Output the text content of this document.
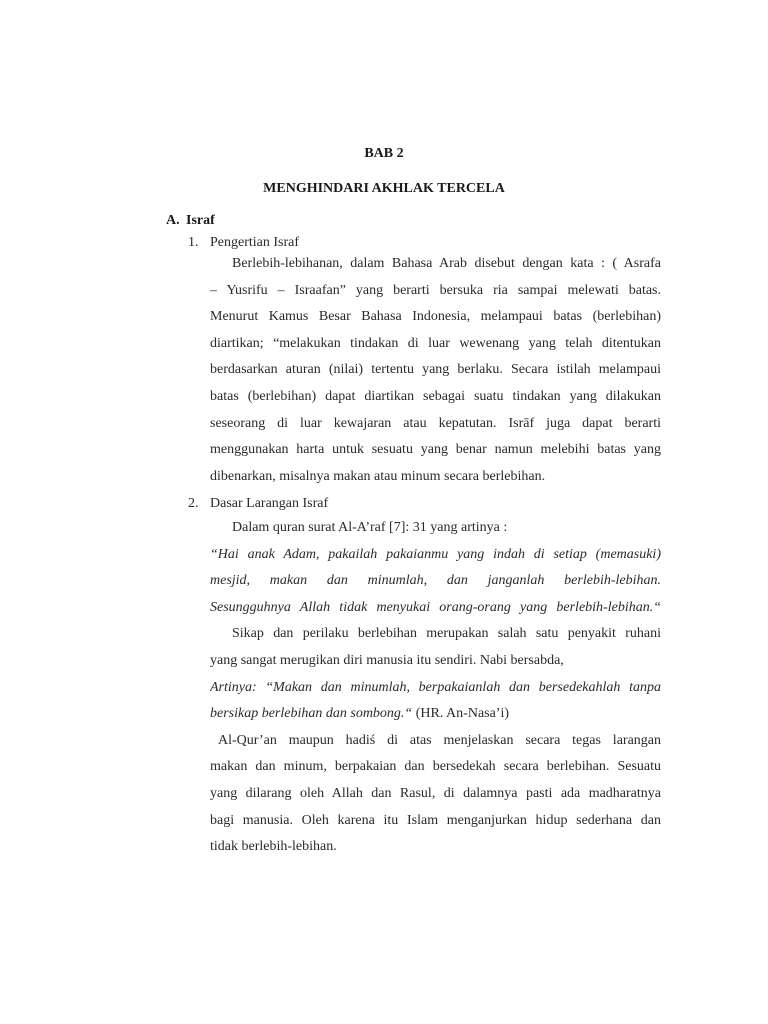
BAB 2
MENGHINDARI AKHLAK TERCELA
A. Israf
1. Pengertian Israf
Berlebih-lebihanan, dalam Bahasa Arab disebut dengan kata : ( Asrafa
– Yusrifu – Israafan” yang berarti bersuka ria sampai melewati batas.
Menurut Kamus Besar Bahasa Indonesia, melampaui batas (berlebihan)
diartikan; “melakukan tindakan di luar wewenang yang telah ditentukan
berdasarkan aturan (nilai) tertentu yang berlaku. Secara istilah melampaui
batas (berlebihan) dapat diartikan sebagai suatu tindakan yang dilakukan
seseorang di luar kewajaran atau kepatutan. Isrāf juga dapat berarti
menggunakan harta untuk sesuatu yang benar namun melebihi batas yang
dibenarkan, misalnya makan atau minum secara berlebihan.
2. Dasar Larangan Israf
Dalam quran surat Al-A’raf [7]: 31 yang artinya :
“Hai anak Adam, pakailah pakaianmu yang indah di setiap (memasuki)
mesjid, makan dan minumlah, dan janganlah berlebih-lebihan.
Sesungguhnya Allah tidak menyukai orang-orang yang berlebih-lebihan.“
Sikap dan perilaku berlebihan merupakan salah satu penyakit ruhani
yang sangat merugikan diri manusia itu sendiri. Nabi bersabda,
Artinya: “Makan dan minumlah, berpakaianlah dan bersedekahlah tanpa
bersikap berlebihan dan sombong.“ (HR. An-Nasa’i)
Al-Qur’an maupun hadiś di atas menjelaskan secara tegas larangan
makan dan minum, berpakaian dan bersedekah secara berlebihan. Sesuatu
yang dilarang oleh Allah dan Rasul, di dalamnya pasti ada madharatnya
bagi manusia. Oleh karena itu Islam menganjurkan hidup sederhana dan
tidak berlebih-lebihan.
